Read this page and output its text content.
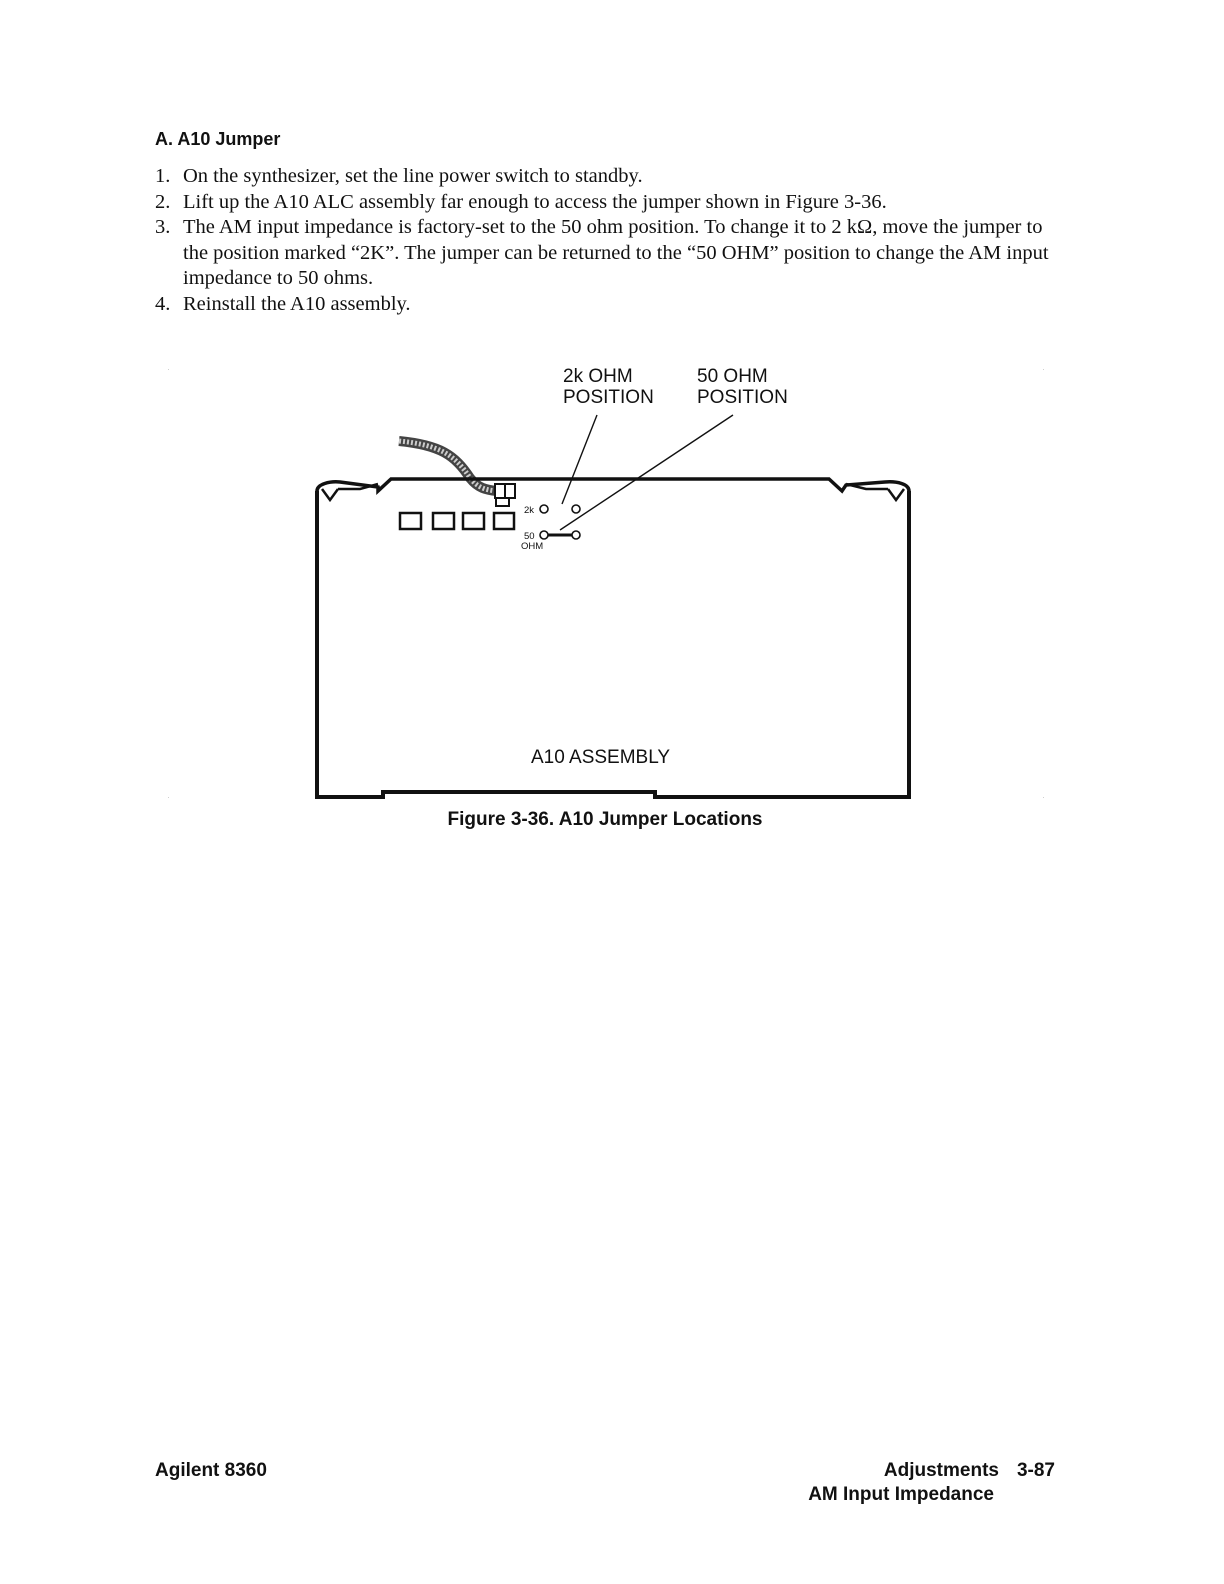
A. A10 Jumper
1. On the synthesizer, set the line power switch to standby.
2. Lift up the A10 ALC assembly far enough to access the jumper shown in Figure 3-36.
3. The AM input impedance is factory-set to the 50 ohm position. To change it to 2 kΩ, move the jumper to the position marked “2K”. The jumper can be returned to the “50 OHM” position to change the AM input impedance to 50 ohms.
4. Reinstall the A10 assembly.
2k OHM
POSITION
50 OHM
POSITION
2k
50
OHM
A10 ASSEMBLY
Figure 3-36. A10 Jumper Locations
Agilent 8360	Adjustments 3-87
AM Input Impedance
